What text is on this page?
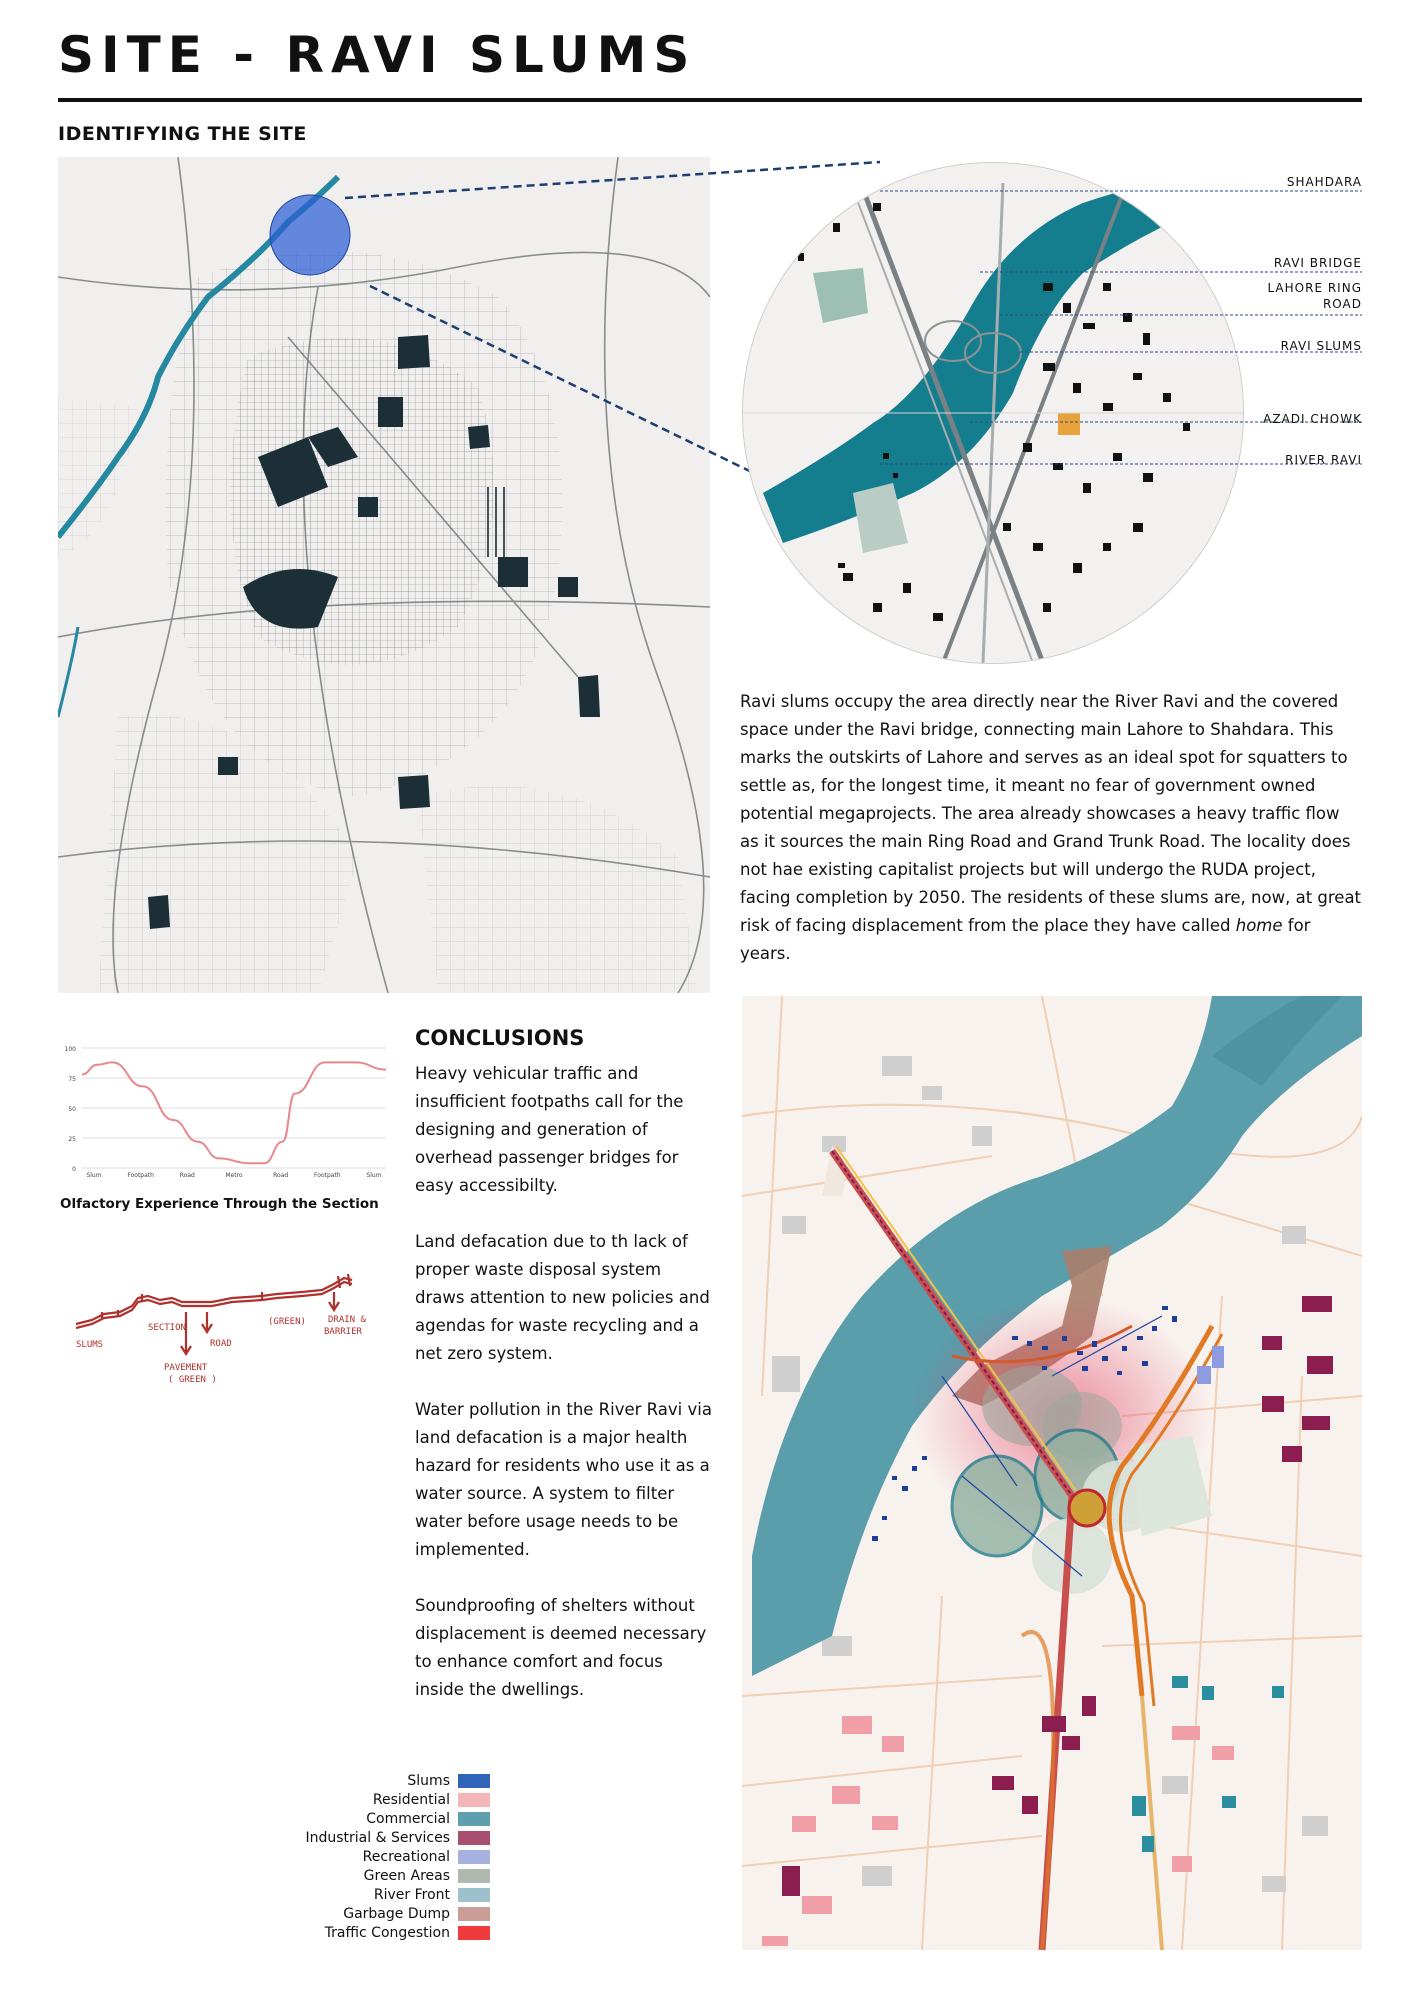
SITE - RAVI SLUMS
IDENTIFYING THE SITE
SHAHDARA
RAVI BRIDGE
LAHORE RING ROAD
RAVI SLUMS
AZADI CHOWK
RIVER RAVI
Ravi slums occupy the area directly near the River Ravi and the covered space under the Ravi bridge, connecting main Lahore to Shahdara. This marks the outskirts of Lahore and serves as an ideal spot for squatters to settle as, for the longest time, it meant no fear of government owned potential megaprojects. The area already showcases a heavy traffic flow as it sources the main Ring Road and Grand Trunk Road. The locality does not hae existing capitalist projects but will undergo the RUDA project, facing completion by 2050. The residents of these slums are, now, at great risk of facing displacement from the place they have called home for years.
0
25
50
75
100
Slum	Footpath	Road	Metro	Road	Footpath	Slum
Olfactory Experience Through the Section
SLUMS
SECTION
ROAD
(GREEN) DRAIN &
BARRIER
PAVEMENT
( GREEN )
CONCLUSIONS

Heavy vehicular traffic and insufficient footpaths call for the designing and generation of overhead passenger bridges for easy accessibilty.

Land defacation due to th lack of proper waste disposal system draws attention to new policies and agendas for waste recycling and a net zero system.

Water pollution in the River Ravi via land defacation is a major health hazard for residents who use it as a water source. A system to filter water before usage needs to be implemented.

Soundproofing of shelters without displacement is deemed necessary to enhance comfort and focus inside the dwellings.

Slums
Residential
Commercial
Industrial & Services
Recreational
Green Areas
River Front
Garbage Dump
Traffic Congestion
